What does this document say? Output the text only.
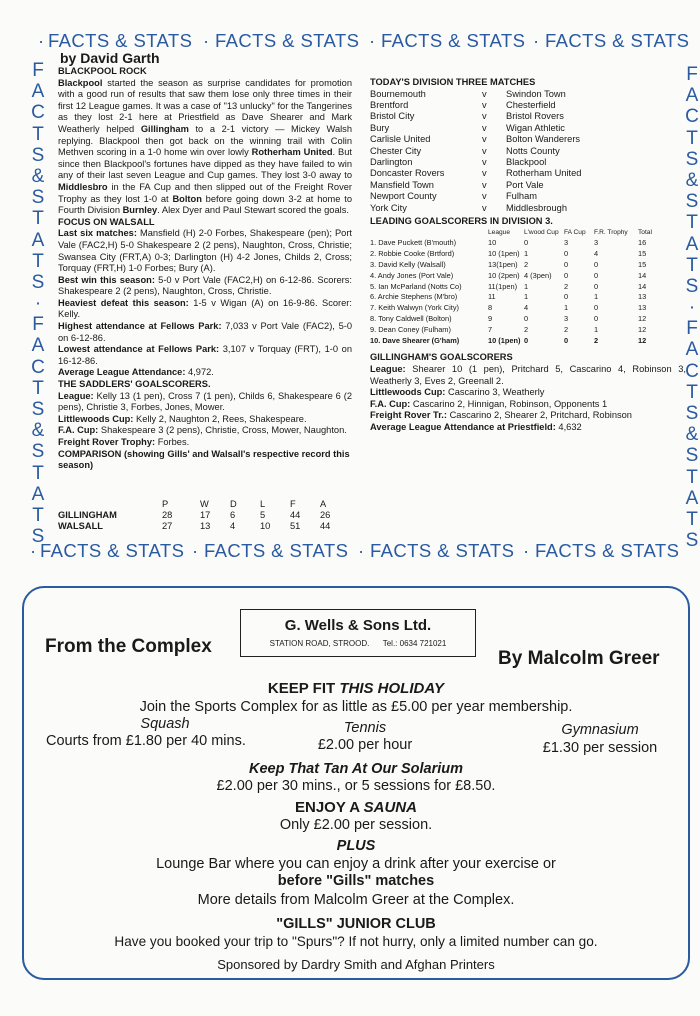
· FACTS & STATS · FACTS & STATS · FACTS & STATS · FACTS & STATS
F
A
C
T
S
&
S
T
A
T
S
·
F
A
C
T
S
&
S
T
A
T
S
F
A
C
T
S
&
S
T
A
T
S
·
F
A
C
T
S
&
S
T
A
T
S
by David Garth

BLACKPOOL ROCK

Blackpool started the season as surprise candidates for promotion with a good run of results that saw them lose only three times in their first 12 League games. It was a case of "13 unlucky" for the Tangerines as they lost 2-1 here at Priestfield as Dave Shearer and Mark Weatherly helped Gillingham to a 2-1 victory — Mickey Walsh replying. Blackpool then got back on the winning trail with Colin Methven scoring in a 1-0 home win over lowly Rotherham United. But since then Blackpool's fortunes have dipped as they have failed to win any of their last seven League and Cup games. They lost 3-0 away to Middlesbro in the FA Cup and then slipped out of the Freight Rover Trophy as they lost 1-0 at Bolton before going down 3-2 at home to Fourth Division Burnley. Alex Dyer and Paul Stewart scored the goals.

FOCUS ON WALSALL

Last six matches: Mansfield (H) 2-0 Forbes, Shakespeare (pen); Port Vale (FAC2,H) 5-0 Shakespeare 2 (2 pens), Naughton, Cross, Christie; Swansea City (FRT,A) 0-3; Darlington (H) 4-2 Jones, Childs 2, Cross; Torquay (FRT,H) 1-0 Forbes; Bury (A).

Best win this season: 5-0 v Port Vale (FAC2,H) on 6-12-86. Scorers: Shakespeare 2 (2 pens), Naughton, Cross, Christie.

Heaviest defeat this season: 1-5 v Wigan (A) on 16-9-86. Scorer: Kelly.

Highest attendance at Fellows Park: 7,033 v Port Vale (FAC2), 5-0 on 6-12-86.

Lowest attendance at Fellows Park: 3,107 v Torquay (FRT), 1-0 on 16-12-86.

Average League Attendance: 4,972.

THE SADDLERS' GOALSCORERS.

League: Kelly 13 (1 pen), Cross 7 (1 pen), Childs 6, Shakespeare 6 (2 pens), Christie 3, Forbes, Jones, Mower.

Littlewoods Cup: Kelly 2, Naughton 2, Rees, Shakespeare.

F.A. Cup: Shakespeare 3 (2 pens), Christie, Cross, Mower, Naughton.

Freight Rover Trophy: Forbes.

COMPARISON (showing Gills' and Walsall's respective record this season)

	P	W	D	L	F	A
GILLINGHAM	28	17	6	5	44	26
WALSALL	27	13	4	10	51	44

TODAY'S DIVISION THREE MATCHES

Bournemouth	v	Swindon Town
Brentford	v	Chesterfield
Bristol City	v	Bristol Rovers
Bury	v	Wigan Athletic
Carlisle United	v	Bolton Wanderers
Chester City	v	Notts County
Darlington	v	Blackpool
Doncaster Rovers	v	Rotherham United
Mansfield Town	v	Port Vale
Newport County	v	Fulham
York City	v	Middlesbrough

LEADING GOALSCORERS IN DIVISION 3.

	League	L'wood Cup	FA Cup	F.R. Trophy	Total
1. Dave Puckett (B'mouth)	10	0	3	3	16
2. Robbie Cooke (Brtford)	10 (1pen)	1	0	4	15
3. David Kelly (Walsall)	13(1pen)	2	0	0	15
4. Andy Jones (Port Vale)	10 (2pen)	4 (3pen)	0	0	14
5. Ian McParland (Notts Co)	11(1pen)	1	2	0	14
6. Archie Stephens (M'bro)	11	1	0	1	13
7. Keith Walwyn (York City)	8	4	1	0	13
8. Tony Caldwell (Bolton)	9	0	3	0	12
9. Dean Coney (Fulham)	7	2	2	1	12
10. Dave Shearer (G'ham)	10 (1pen)	0	0	2	12

GILLINGHAM'S GOALSCORERS

League: Shearer 10 (1 pen), Pritchard 5, Cascarino 4, Robinson 3, Weatherly 3, Eves 2, Greenall 2.

Littlewoods Cup: Cascarino 3, Weatherly

F.A. Cup: Cascarino 2, Hinnigan, Robinson, Opponents 1

Freight Rover Tr.: Cascarino 2, Shearer 2, Pritchard, Robinson

Average League Attendance at Priestfield: 4,632

· FACTS & STATS · FACTS & STATS · FACTS & STATS · FACTS & STATS
From the Complex
By Malcolm Greer
G. Wells & Sons Ltd.
STATION ROAD, STROOD. Tel.: 0634 721021
KEEP FIT THIS HOLIDAY
Join the Sports Complex for as little as £5.00 per year membership.
Squash
Courts from £1.80 per 40 mins.
Tennis
£2.00 per hour
Gymnasium
£1.30 per session
Keep That Tan At Our Solarium
£2.00 per 30 mins., or 5 sessions for £8.50.
ENJOY A SAUNA
Only £2.00 per session.
PLUS
Lounge Bar where you can enjoy a drink after your exercise or
before "Gills" matches
More details from Malcolm Greer at the Complex.
"GILLS" JUNIOR CLUB
Have you booked your trip to "Spurs"? If not hurry, only a limited number can go.
Sponsored by Dardry Smith and Afghan Printers
